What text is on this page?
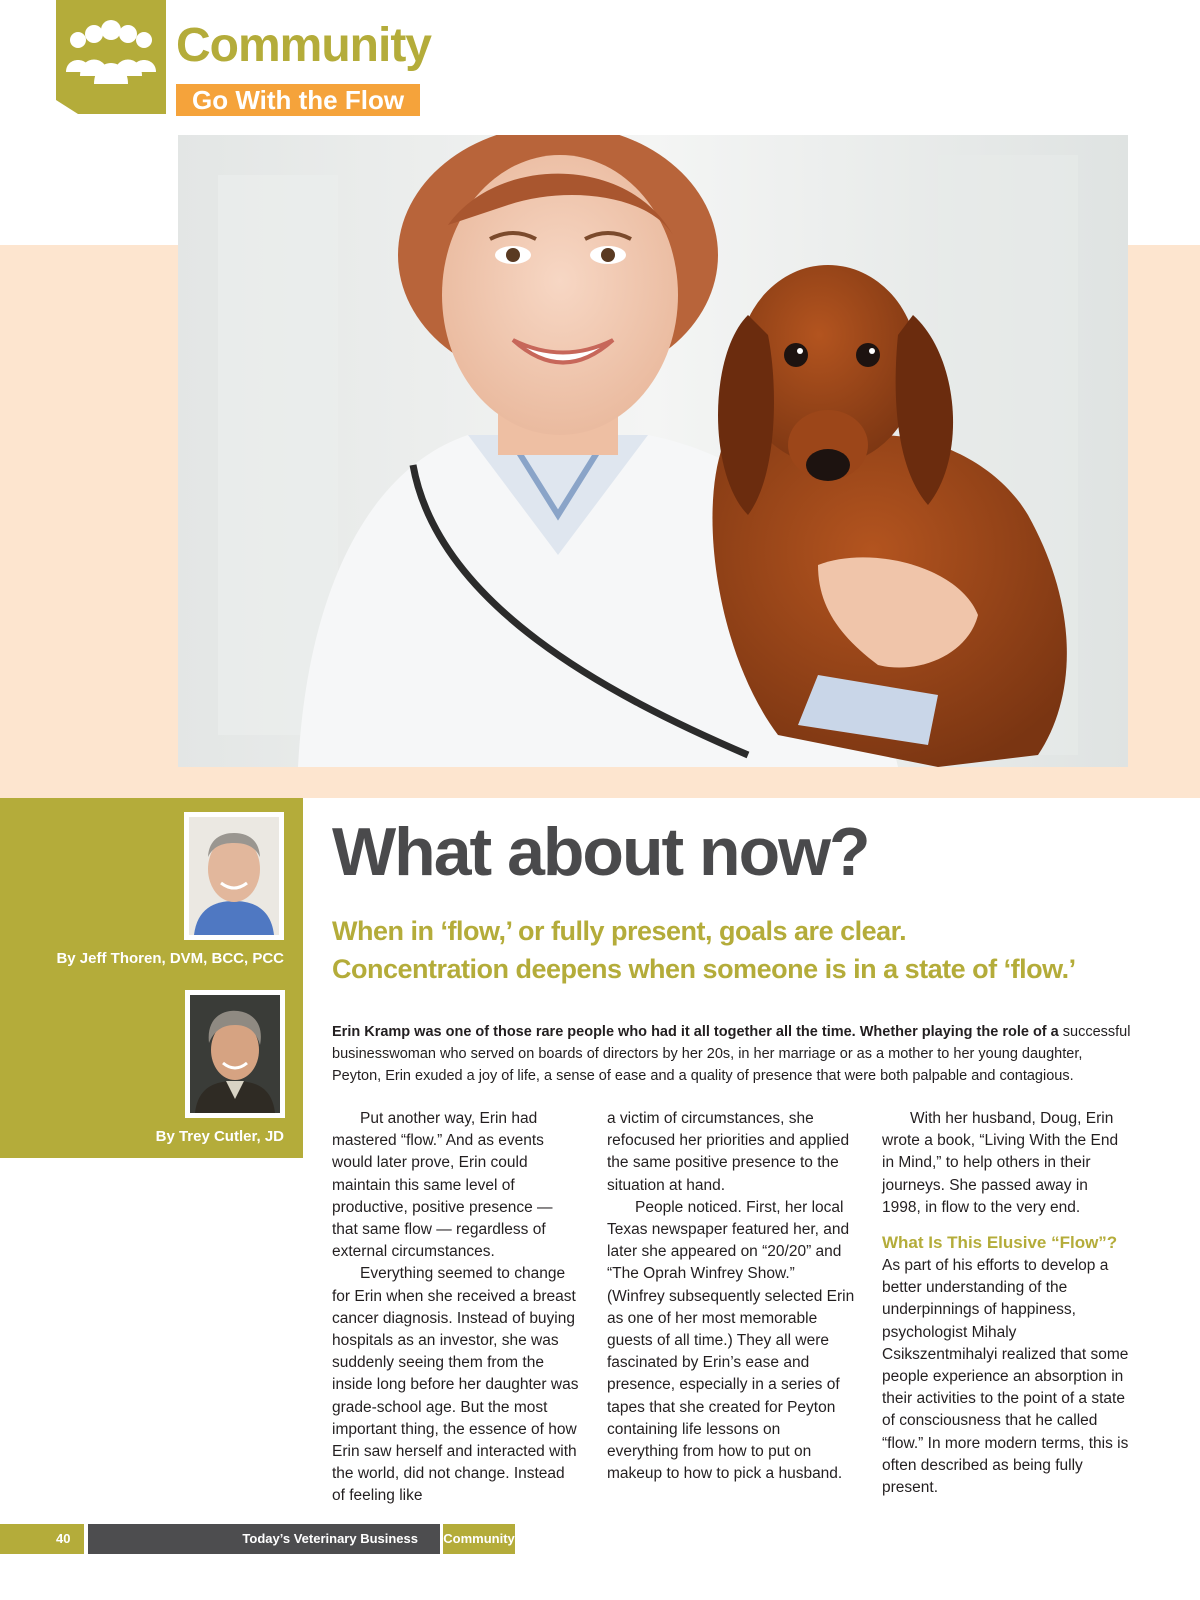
Community
Go With the Flow
By Jeff Thoren, DVM, BCC, PCC
By Trey Cutler, JD
What about now?
When in ‘flow,’ or fully present, goals are clear.
Concentration deepens when someone is in a state of ‘flow.’
Erin Kramp was one of those rare people who had it all together all the time. Whether playing the role of a successful businesswoman who served on boards of directors by her 20s, in her marriage or as a mother to her young daughter, Peyton, Erin exuded a joy of life, a sense of ease and a quality of presence that were both palpable and contagious.

Put another way, Erin had mastered “flow.” And as events would later prove, Erin could maintain this same level of productive, positive presence — that same flow — regardless of external circumstances.

Everything seemed to change for Erin when she received a breast cancer diagnosis. Instead of buying hospitals as an investor, she was suddenly seeing them from the inside long before her daughter was grade-school age. But the most important thing, the essence of how Erin saw herself and interacted with the world, did not change. Instead of feeling like

a victim of circumstances, she refocused her priorities and applied the same positive presence to the situation at hand.

People noticed. First, her local Texas newspaper featured her, and later she appeared on “20/20” and “The Oprah Winfrey Show.” (Winfrey subsequently selected Erin as one of her most memorable guests of all time.) They all were fascinated by Erin’s ease and presence, especially in a series of tapes that she created for Peyton containing life lessons on everything from how to put on makeup to how to pick a husband.

With her husband, Doug, Erin wrote a book, “Living With the End in Mind,” to help others in their journeys. She passed away in 1998, in flow to the very end.

What Is This Elusive “Flow”?

As part of his efforts to develop a better understanding of the underpinnings of happiness, psychologist Mihaly Csikszentmihalyi realized that some people experience an absorption in their activities to the point of a state of consciousness that he called “flow.” In more modern terms, this is often described as being fully present.

40	Today’s Veterinary Business Community
